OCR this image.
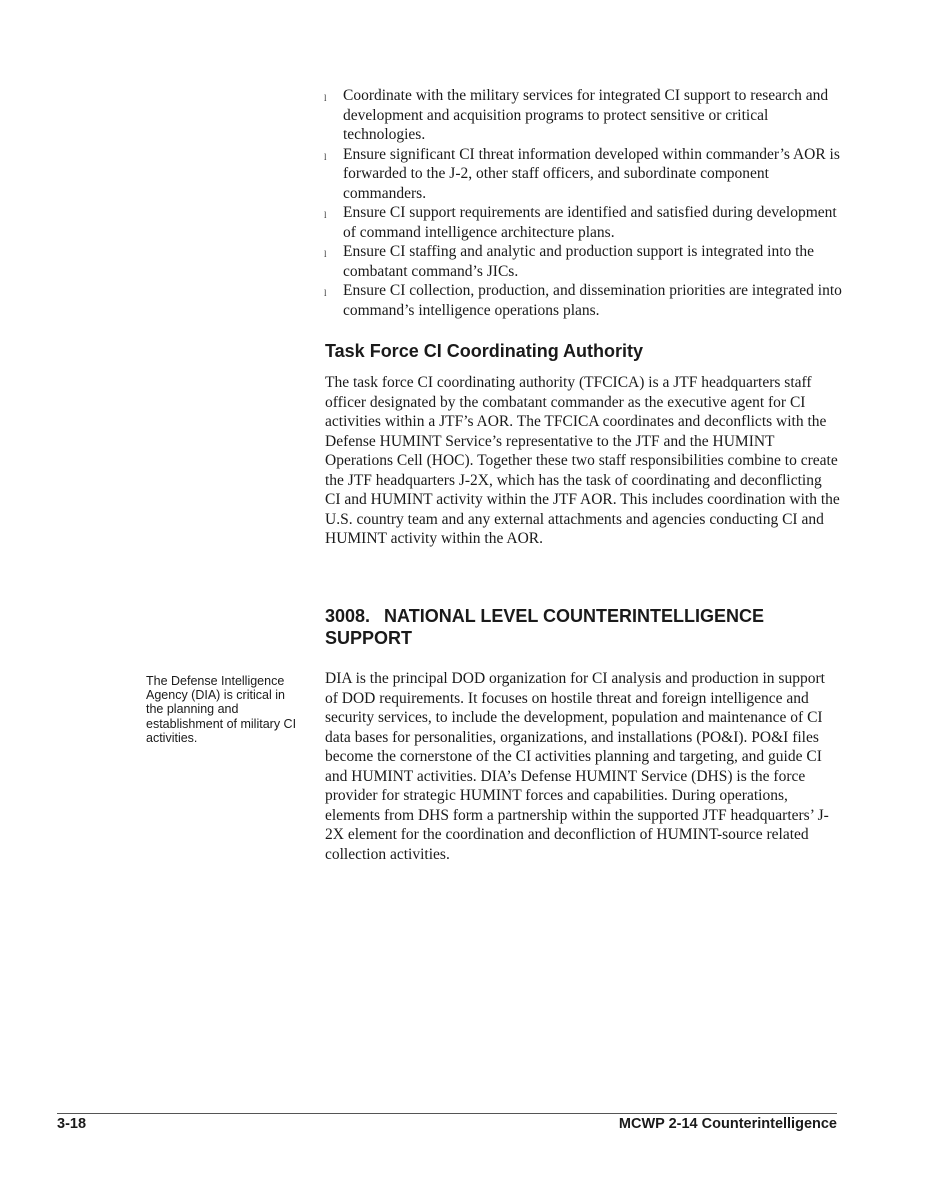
l Coordinate with the military services for integrated CI support to research and development and acquisition programs to protect sensitive or critical technologies.
l Ensure significant CI threat information developed within commander’s AOR is forwarded to the J-2, other staff officers, and subordinate component commanders.
l Ensure CI support requirements are identified and satisfied during development of command intelligence architecture plans.
l Ensure CI staffing and analytic and production support is integrated into the combatant command’s JICs.
l Ensure CI collection, production, and dissemination priorities are integrated into command’s intelligence operations plans.
Task Force CI Coordinating Authority

The task force CI coordinating authority (TFCICA) is a JTF headquarters staff officer designated by the combatant commander as the executive agent for CI activities within a JTF’s AOR. The TFCICA coordinates and deconflicts with the Defense HUMINT Service’s representative to the JTF and the HUMINT Operations Cell (HOC). Together these two staff responsibilities combine to create the JTF headquarters J-2X, which has the task of coordinating and deconflicting CI and HUMINT activity within the JTF AOR. This includes coordination with the U.S. country team and any external attachments and agencies conducting CI and HUMINT activity within the AOR.

3008. NATIONAL LEVEL COUNTERINTELLIGENCE SUPPORT

The Defense Intelligence Agency (DIA) is critical in the planning and establishment of military CI activities.

DIA is the principal DOD organization for CI analysis and production in support of DOD requirements. It focuses on hostile threat and foreign intelligence and security services, to include the development, population and maintenance of CI data bases for personalities, organizations, and installations (PO&I). PO&I files become the cornerstone of the CI activities planning and targeting, and guide CI and HUMINT activities. DIA’s Defense HUMINT Service (DHS) is the force provider for strategic HUMINT forces and capabilities. During operations, elements from DHS form a partnership within the supported JTF headquarters’ J-2X element for the coordination and deconfliction of HUMINT-source related collection activities.

3-18	MCWP 2-14 Counterintelligence
